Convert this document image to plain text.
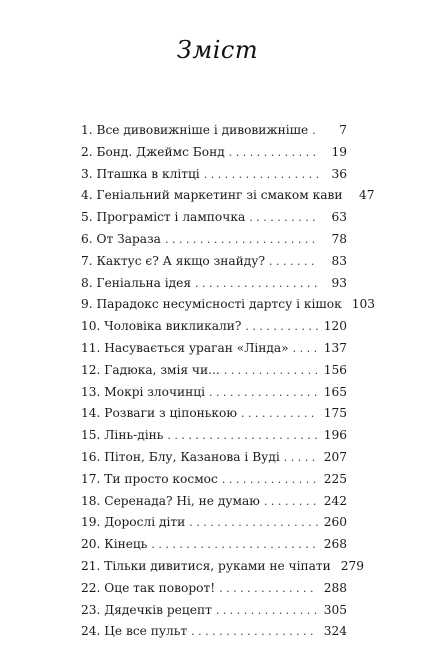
Зміст
1. Все дивовижніше і дивовижніше . . .	7
2. Бонд. Джеймс Бонд . . .	19
3. Пташка в клітці . . .	36
4. Геніальний маркетинг зі смаком кави	47
5. Програміст і лампочка . . .	63
6. От Зараза . . .	78
7. Кактус є? А якщо знайду? . . .	83
8. Геніальна ідея . . .	93
9. Парадокс несумісності дартсу і кішок 103
10. Чоловіка викликали? . . .	120
11. Насувається ураган «Лінда» . . .	137
12. Гадюка, змія чи... . . .	156
13. Мокрі злочинці . . .	165
14. Розваги з ціпонькою . . .	175
15. Лінь-дінь . . .	196
16. Пітон, Блу, Казанова і Вуді . . .	207
17. Ти просто космос . . .	225
18. Серенада? Ні, не думаю . . .	242
19. Дорослі діти . . .	260
20. Кінець . . .	268
21. Тільки дивитися, руками не чіпати 279
22. Оце так поворот! . . .	288
23. Дядечків рецепт . . .	305
24. Це все пульт . . .	324
